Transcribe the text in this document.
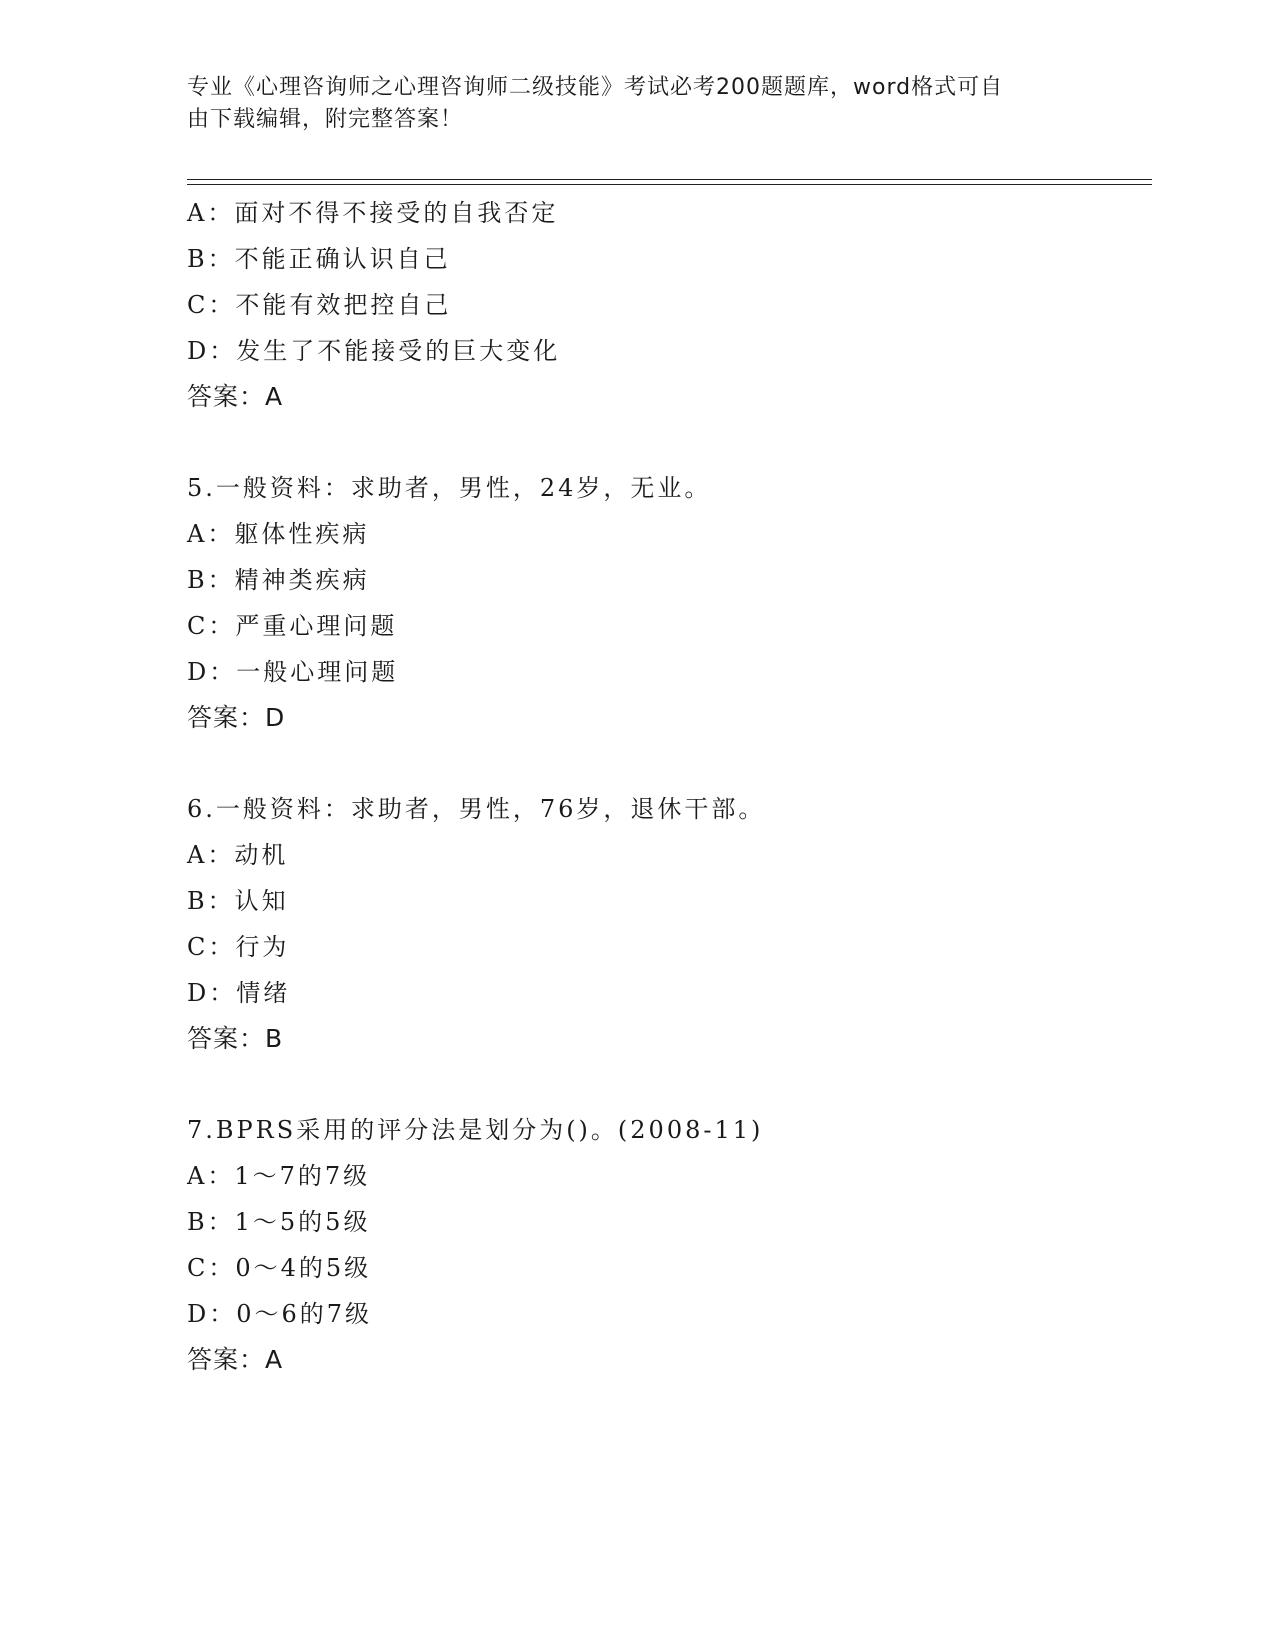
专业《心理咨询师之心理咨询师二级技能》考试必考200题题库，word格式可自
由下载编辑，附完整答案！
A：面对不得不接受的自我否定
B：不能正确认识自己
C：不能有效把控自己
D：发生了不能接受的巨大变化
答案：A
5.一般资料：求助者，男性，24岁，无业。
A：躯体性疾病
B：精神类疾病
C：严重心理问题
D：一般心理问题
答案：D
6.一般资料：求助者，男性，76岁，退休干部。
A：动机
B：认知
C：行为
D：情绪
答案：B
7.BPRS采用的评分法是划分为()。(2008-11)
A：1～7的7级
B：1～5的5级
C：0～4的5级
D：0～6的7级
答案：A
